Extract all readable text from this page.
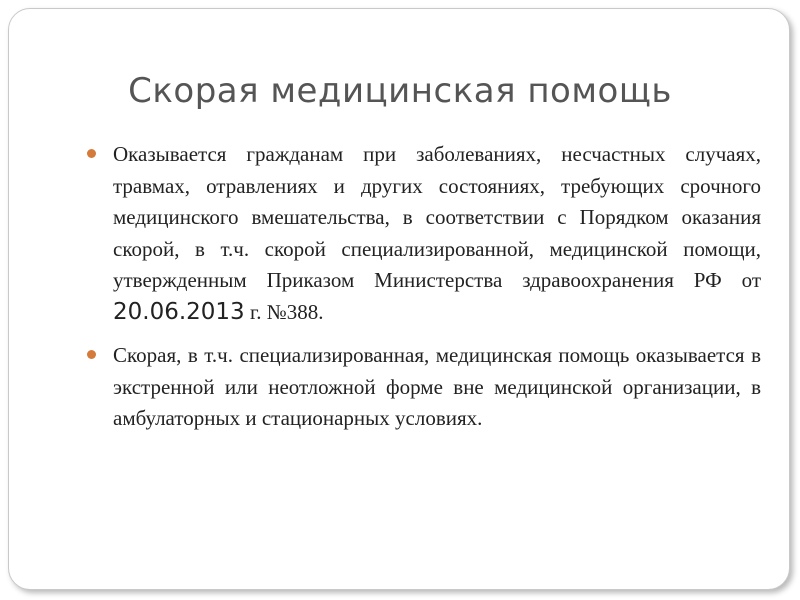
Скорая медицинская помощь
Оказывается гражданам при заболеваниях, несчастных случаях, травмах, отравлениях и других состояниях, требующих срочного медицинского вмешательства, в соответствии с Порядком оказания скорой, в т.ч. скорой специализированной, медицинской помощи, утвержденным Приказом Министерства здравоохранения РФ от 20.06.2013 г. №388.
Скорая, в т.ч. специализированная, медицинская помощь оказывается в экстренной или неотложной форме вне медицинской организации, в амбулаторных и стационарных условиях.
